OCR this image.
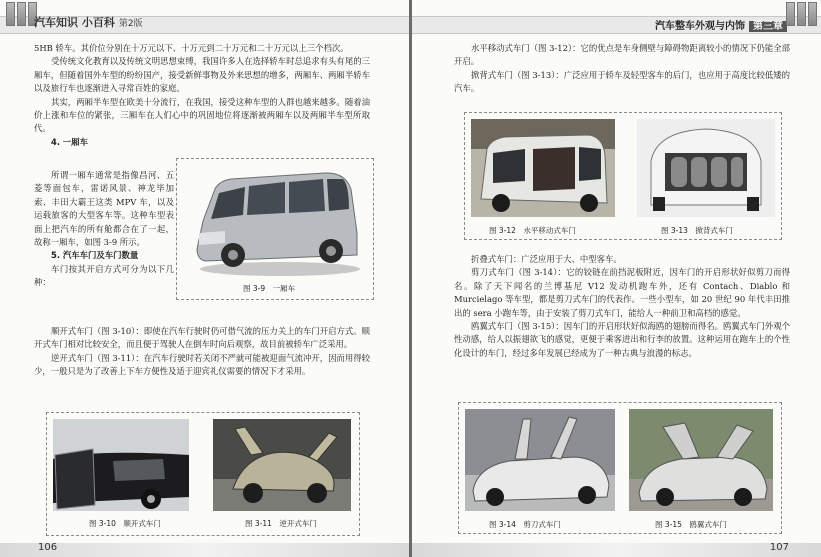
汽车知识 小百科 第2版

5HB 轿车。其价位分别在十万元以下、十万元到二十万元和二十万元以上三个档次。

受传统文化教育以及传统文明思想束缚，我国许多人在选择轿车时总追求有头有尾的三厢车，但随着国外车型的纷纷国产，接受新鲜事物及外来思想的增多，两厢车、两厢半轿车以及旅行车也逐渐进入寻常百姓的家庭。

其实，两厢半车型在欧美十分流行，在我国，接受这种车型的人群也越来越多。随着油价上涨和车位的紧张，三厢车在人们心中的巩固地位将逐渐被两厢车以及两厢半车型所取代。

4. 一厢车

所谓一厢车通常是指像昌河、五菱等面包车，雷诺风景、神龙毕加索、丰田大霸王这类 MPV 车，以及运载旅客的大型客车等。这种车型表面上把汽车的所有舱都合在了一起，故称一厢车，如图 3-9 所示。

5. 汽车车门及车门数量

车门按其开启方式可分为以下几种：

图 3-9　一厢车

顺开式车门（图 3-10）：即使在汽车行驶时仍可借气流的压力关上的车门开启方式。顺开式车门相对比较安全，而且便于驾驶人在倒车时向后观察，故目前被轿车广泛采用。

逆开式车门（图 3-11）：在汽车行驶时若关闭不严就可能被迎面气流冲开，因而用得较少，一般只是为了改善上下车方便性及适于迎宾礼仪需要的情况下才采用。

图 3-10　顺开式车门	图 3-11　逆开式车门
106
汽车整车外观与内饰 第三章

水平移动式车门（图 3-12）：它的优点是车身侧壁与障碍物距离较小的情况下仍能全部开启。

掀背式车门（图 3-13）：广泛应用于轿车及轻型客车的后门，也应用于高度比较低矮的汽车。

图 3-12　水平移动式车门	图 3-13　掀背式车门

折叠式车门：广泛应用于大、中型客车。

剪刀式车门（图 3-14）：它的铰链在前挡泥板附近，因车门的开启形状好似剪刀而得名。除了天下闻名的兰博基尼 V12 发动机跑车外，还有 Contach、Diablo 和 Murcielago 等车型，都是剪刀式车门的代表作。一些小型车，如 20 世纪 90 年代丰田推出的 sera 小跑车等，由于安装了剪刀式车门，能给人一种前卫和高档的感觉。

鸥翼式车门（图 3-15）：因车门的开启形状好似海鸥的翅膀而得名。鸥翼式车门外观个性动感，给人以振翅欲飞的感觉，更便于乘客进出和行李的放置。这种运用在跑车上的个性化设计的车门，经过多年发展已经成为了一种古典与浪漫的标志。

图 3-14　剪刀式车门	图 3-15　鸥翼式车门
107
